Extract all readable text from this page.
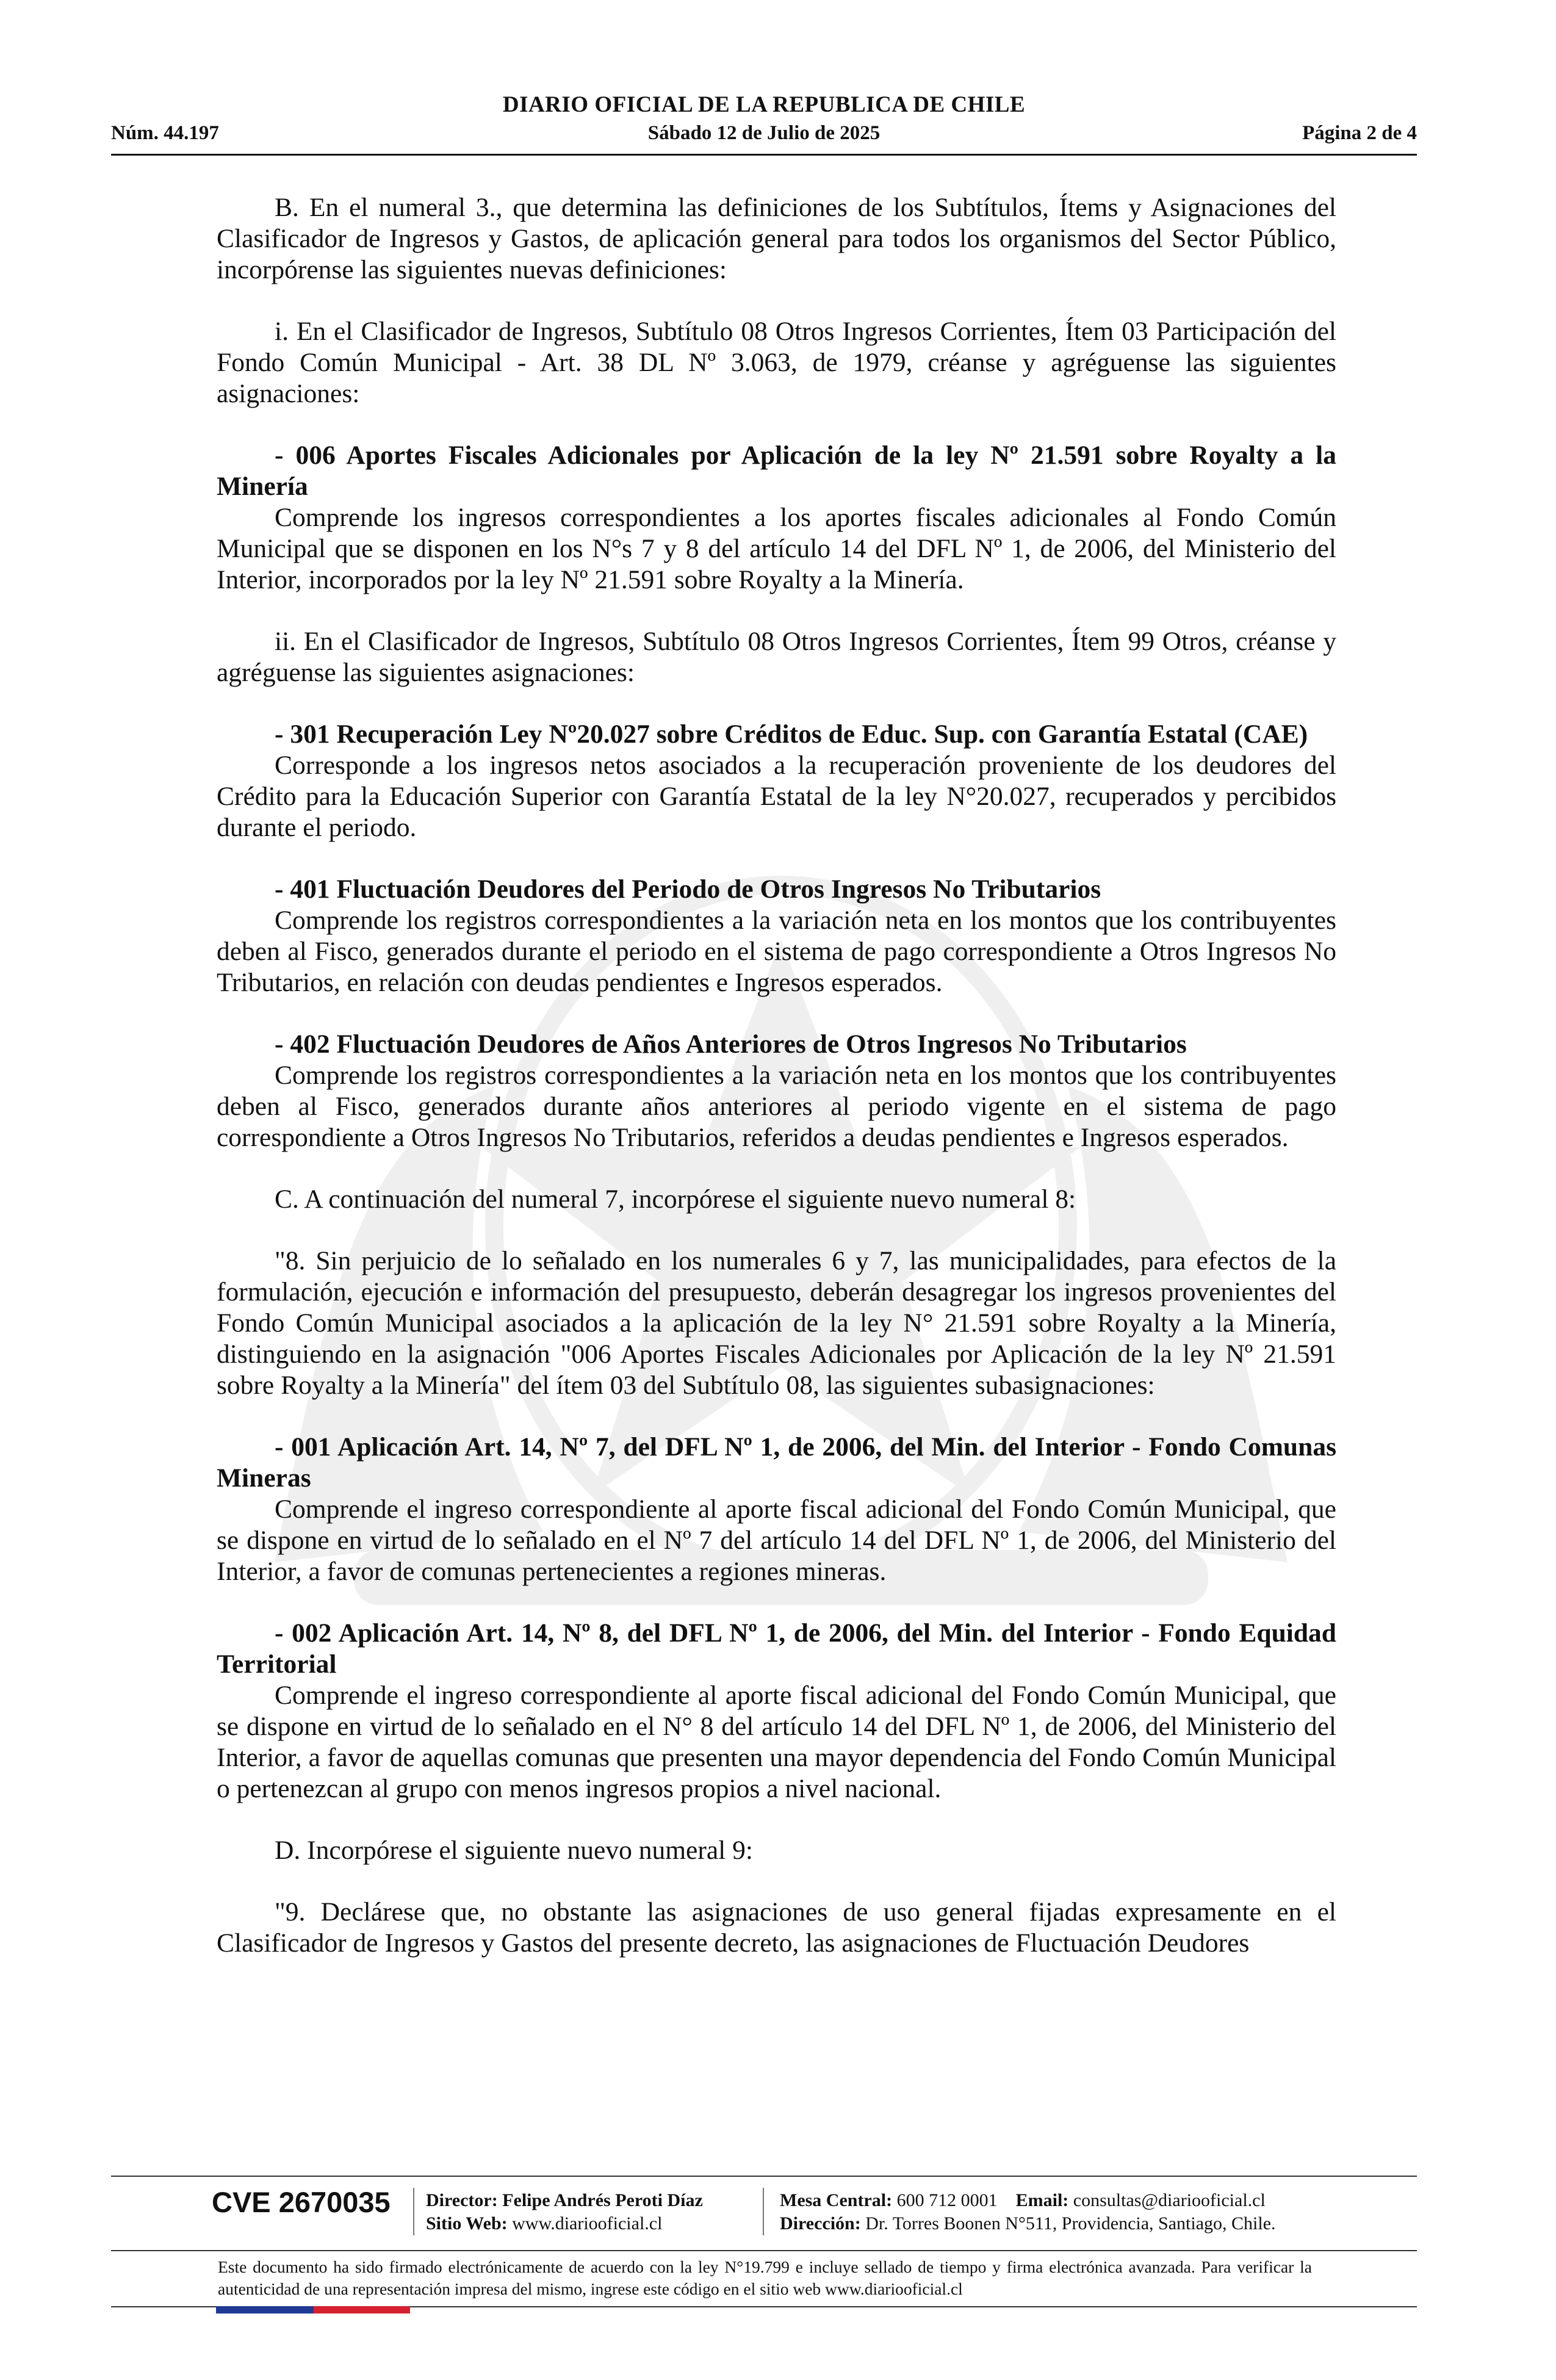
DIARIO OFICIAL DE LA REPUBLICA DE CHILE
Núm. 44.197	Sábado 12 de Julio de 2025	Página 2 de 4

B. En el numeral 3., que determina las definiciones de los Subtítulos, Ítems y Asignaciones del Clasificador de Ingresos y Gastos, de aplicación general para todos los organismos del Sector Público, incorpórense las siguientes nuevas definiciones:

i. En el Clasificador de Ingresos, Subtítulo 08 Otros Ingresos Corrientes, Ítem 03 Participación del Fondo Común Municipal - Art. 38 DL Nº 3.063, de 1979, créanse y agréguense las siguientes asignaciones:

- 006 Aportes Fiscales Adicionales por Aplicación de la ley Nº 21.591 sobre Royalty a la Minería

Comprende los ingresos correspondientes a los aportes fiscales adicionales al Fondo Común Municipal que se disponen en los N°s 7 y 8 del artículo 14 del DFL Nº 1, de 2006, del Ministerio del Interior, incorporados por la ley Nº 21.591 sobre Royalty a la Minería.

ii. En el Clasificador de Ingresos, Subtítulo 08 Otros Ingresos Corrientes, Ítem 99 Otros, créanse y agréguense las siguientes asignaciones:

- 301 Recuperación Ley Nº20.027 sobre Créditos de Educ. Sup. con Garantía Estatal (CAE)

Corresponde a los ingresos netos asociados a la recuperación proveniente de los deudores del Crédito para la Educación Superior con Garantía Estatal de la ley N°20.027, recuperados y percibidos durante el periodo.

- 401 Fluctuación Deudores del Periodo de Otros Ingresos No Tributarios

Comprende los registros correspondientes a la variación neta en los montos que los contribuyentes deben al Fisco, generados durante el periodo en el sistema de pago correspondiente a Otros Ingresos No Tributarios, en relación con deudas pendientes e Ingresos esperados.

- 402 Fluctuación Deudores de Años Anteriores de Otros Ingresos No Tributarios

Comprende los registros correspondientes a la variación neta en los montos que los contribuyentes deben al Fisco, generados durante años anteriores al periodo vigente en el sistema de pago correspondiente a Otros Ingresos No Tributarios, referidos a deudas pendientes e Ingresos esperados.

C. A continuación del numeral 7, incorpórese el siguiente nuevo numeral 8:

"8. Sin perjuicio de lo señalado en los numerales 6 y 7, las municipalidades, para efectos de la formulación, ejecución e información del presupuesto, deberán desagregar los ingresos provenientes del Fondo Común Municipal asociados a la aplicación de la ley N° 21.591 sobre Royalty a la Minería, distinguiendo en la asignación "006 Aportes Fiscales Adicionales por Aplicación de la ley Nº 21.591 sobre Royalty a la Minería" del ítem 03 del Subtítulo 08, las siguientes subasignaciones:

- 001 Aplicación Art. 14, Nº 7, del DFL Nº 1, de 2006, del Min. del Interior - Fondo Comunas Mineras

Comprende el ingreso correspondiente al aporte fiscal adicional del Fondo Común Municipal, que se dispone en virtud de lo señalado en el Nº 7 del artículo 14 del DFL Nº 1, de 2006, del Ministerio del Interior, a favor de comunas pertenecientes a regiones mineras.

- 002 Aplicación Art. 14, Nº 8, del DFL Nº 1, de 2006, del Min. del Interior - Fondo Equidad Territorial

Comprende el ingreso correspondiente al aporte fiscal adicional del Fondo Común Municipal, que se dispone en virtud de lo señalado en el N° 8 del artículo 14 del DFL Nº 1, de 2006, del Ministerio del Interior, a favor de aquellas comunas que presenten una mayor dependencia del Fondo Común Municipal o pertenezcan al grupo con menos ingresos propios a nivel nacional.

D. Incorpórese el siguiente nuevo numeral 9:

"9. Declárese que, no obstante las asignaciones de uso general fijadas expresamente en el Clasificador de Ingresos y Gastos del presente decreto, las asignaciones de Fluctuación Deudores

CVE 2670035 Director: Felipe Andrés Peroti Díaz
Sitio Web: www.diariooficial.cl
Mesa Central: 600 712 0001 Email: consultas@diariooficial.cl
Dirección: Dr. Torres Boonen N°511, Providencia, Santiago, Chile.
Este documento ha sido firmado electrónicamente de acuerdo con la ley N°19.799 e incluye sellado de tiempo y firma electrónica avanzada. Para verificar la autenticidad de una representación impresa del mismo, ingrese este código en el sitio web www.diariooficial.cl
